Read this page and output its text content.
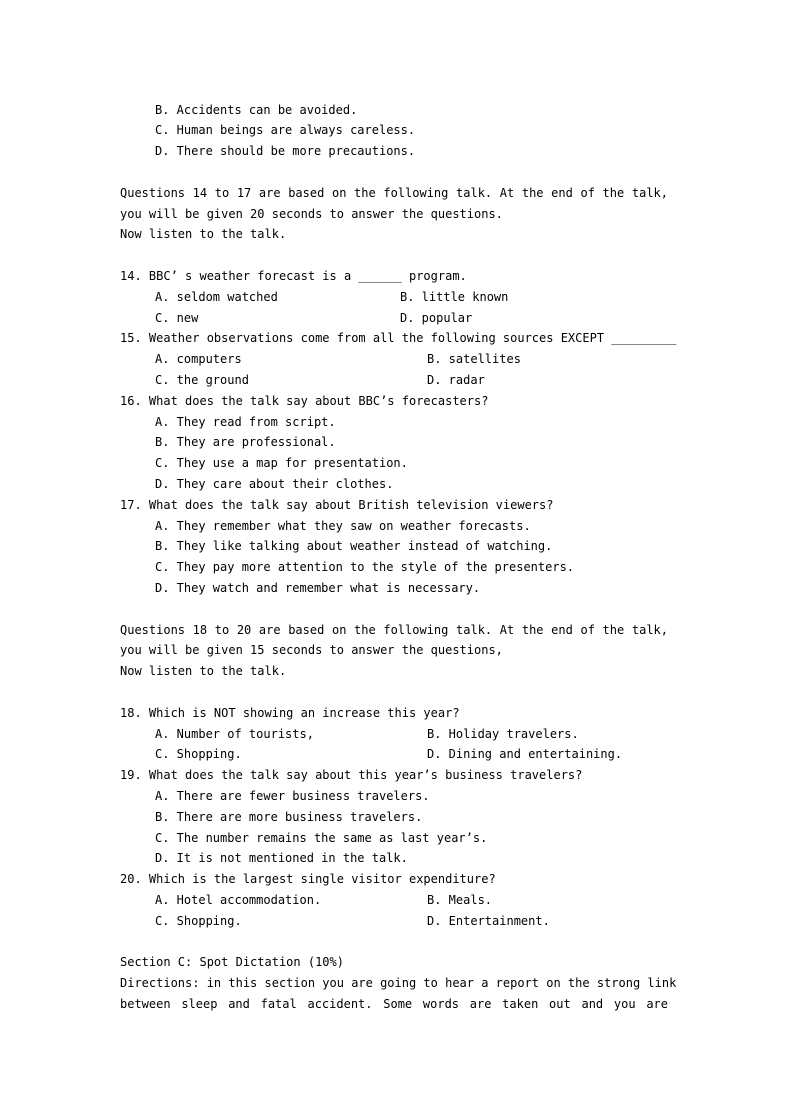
B. Accidents can be avoided.
C. Human beings are always careless.
D. There should be more precautions.
Questions 14 to 17 are based on the following talk. At the end of the talk,
you will be given 20 seconds to answer the questions.
Now listen to the talk.
14. BBC’ s weather forecast is a ______ program.
A. seldom watched	B. little known
C. new	D. popular
15. Weather observations come from all the following sources EXCEPT _________
A. computers	B. satellites
C. the ground	D. radar
16. What does the talk say about BBC’s forecasters?
A. They read from script.
B. They are professional.
C. They use a map for presentation.
D. They care about their clothes.
17. What does the talk say about British television viewers?
A. They remember what they saw on weather forecasts.
B. They like talking about weather instead of watching.
C. They pay more attention to the style of the presenters.
D. They watch and remember what is necessary.
Questions 18 to 20 are based on the following talk. At the end of the talk,
you will be given 15 seconds to answer the questions,
Now listen to the talk.
18. Which is NOT showing an increase this year?
A. Number of tourists,	B. Holiday travelers.
C. Shopping.	D. Dining and entertaining.
19. What does the talk say about this year’s business travelers?
A. There are fewer business travelers.
B. There are more business travelers.
C. The number remains the same as last year’s.
D. It is not mentioned in the talk.
20. Which is the largest single visitor expenditure?
A. Hotel accommodation.	B. Meals.
C. Shopping.	D. Entertainment.
Section C: Spot Dictation (10%)
Directions: in this section you are going to hear a report on the strong link
between sleep and fatal accident. Some words are taken out and you are
